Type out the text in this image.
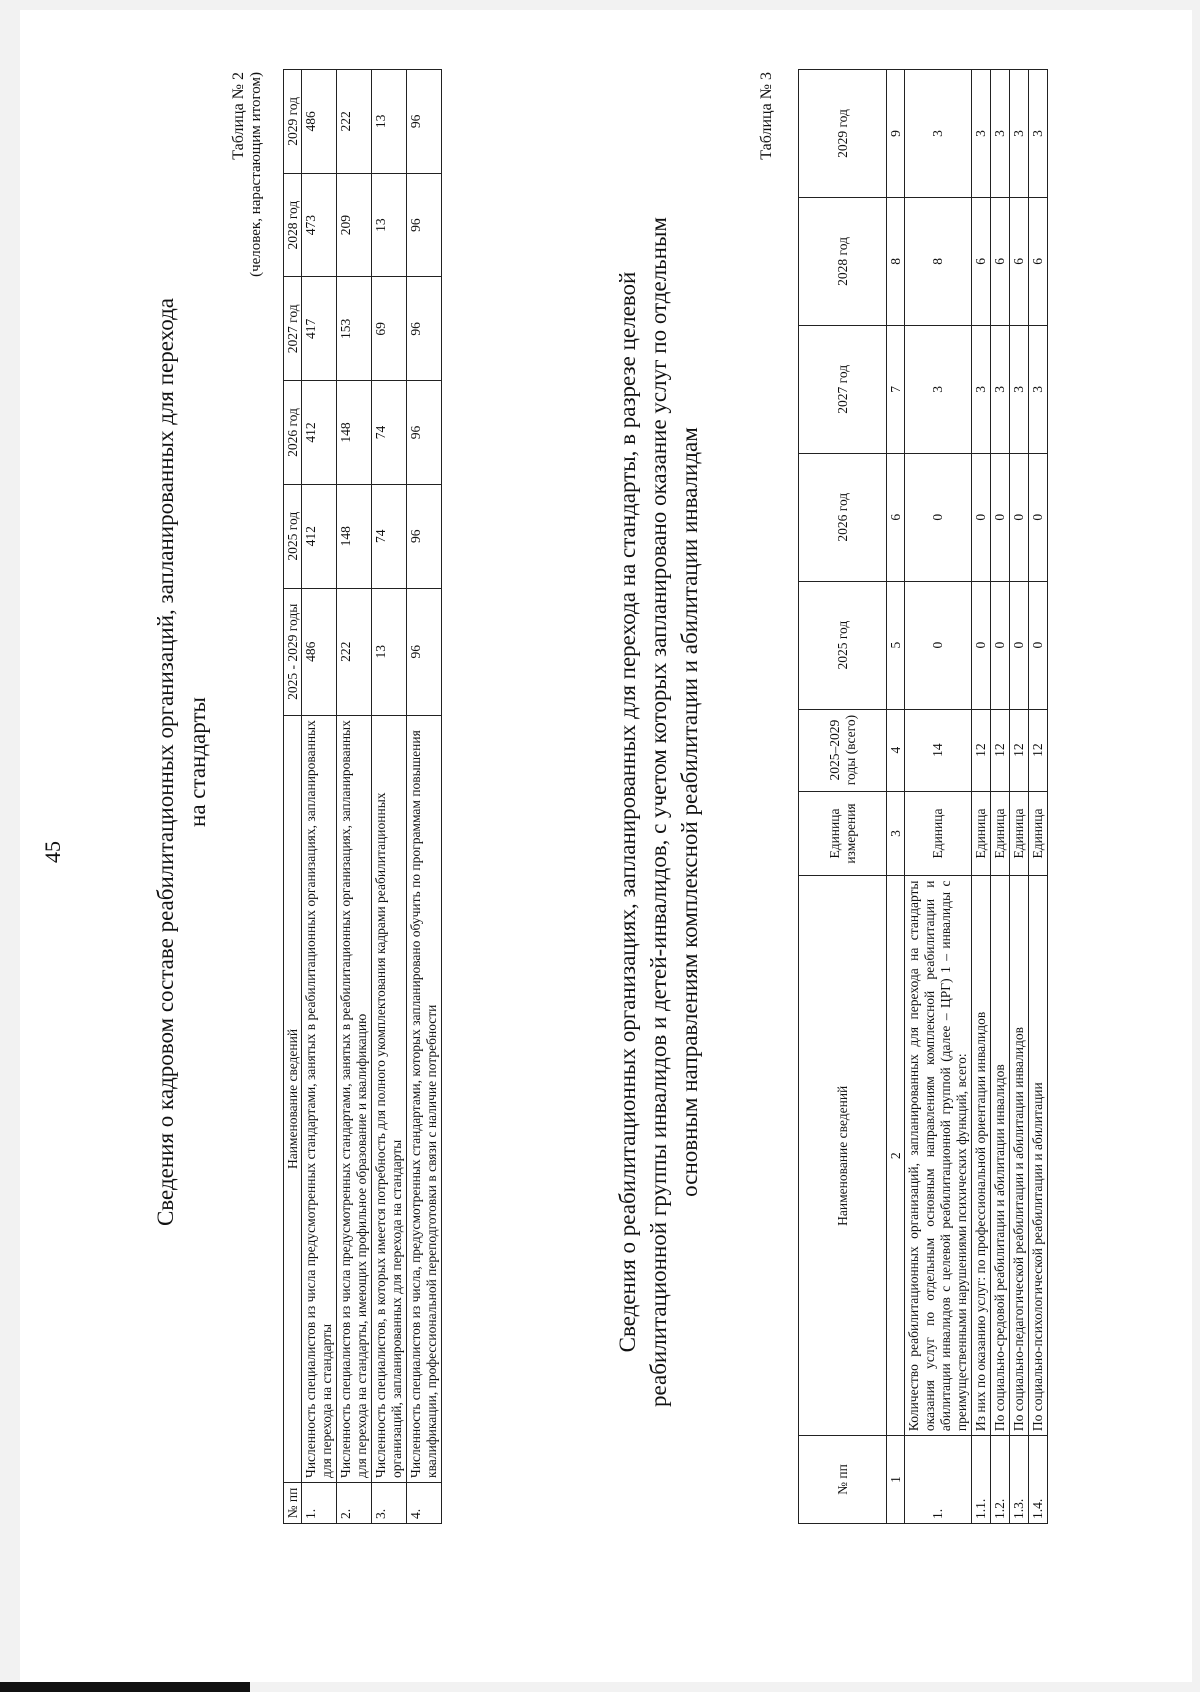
45	Сведения о кадровом составе реабилитационных организаций, запланированных для перехода на стандарты
Таблица № 2 (человек, нарастающим итогом)
№ пп	Наименование сведений	2025 - 2029 годы	2025 год	2026 год	2027 год	2028 год	2029 год
1.	Численность специалистов из числа предусмотренных стандартами, занятых в реабилитационных организациях, запланированных для перехода на стандарты	486	412	412	417	473	486
2.	Численность специалистов из числа предусмотренных стандартами, занятых в реабилитационных организациях, запланированных для перехода на стандарты, имеющих профильное образование и квалификацию	222	148	148	153	209	222
3.	Численность специалистов, в которых имеется потребность для полного укомплектования кадрами реабилитационных организаций, запланированных для перехода на стандарты	13	74	74	69	13	13
4.	Численность специалистов из числа, предусмотренных стандартами, которых запланировано обучить по программам повышения квалификации, профессиональной переподготовки в связи с наличие потребности	96	96	96	96	96	96
Сведения о реабилитационных организациях, запланированных для перехода на стандарты, в разрезе целевой реабилитационной группы инвалидов и детей-инвалидов, с учетом которых запланировано оказание услуг по отдельным основным направлениям комплексной реабилитации и абилитации инвалидам
Таблица № 3
№ пп	Наименование сведений	Единица измерения	2025–2029 годы (всего)	2025 год	2026 год	2027 год	2028 год	2029 год
1	2	3	4	5	6	7	8	9
1.	Количество реабилитационных организаций, запланированных для перехода на стандарты оказания услуг по отдельным основным направлениям комплексной реабилитации и абилитации инвалидов с целевой реабилитационной группой (далее – ЦРГ) 1 – инвалиды с преимущественными нарушениями психических функций, всего:	Единица	14	0	0	3	8	3
1.1.	Из них по оказанию услуг: по профессиональной ориентации инвалидов	Единица	12	0	0	3	6	3
1.2.	По социально-средовой реабилитации и абилитации инвалидов	Единица	12	0	0	3	6	3
1.3.	По социально-педагогической реабилитации и абилитации инвалидов	Единица	12	0	0	3	6	3
1.4.	По социально-психологической реабилитации и абилитации	Единица	12	0	0	3	6	3
